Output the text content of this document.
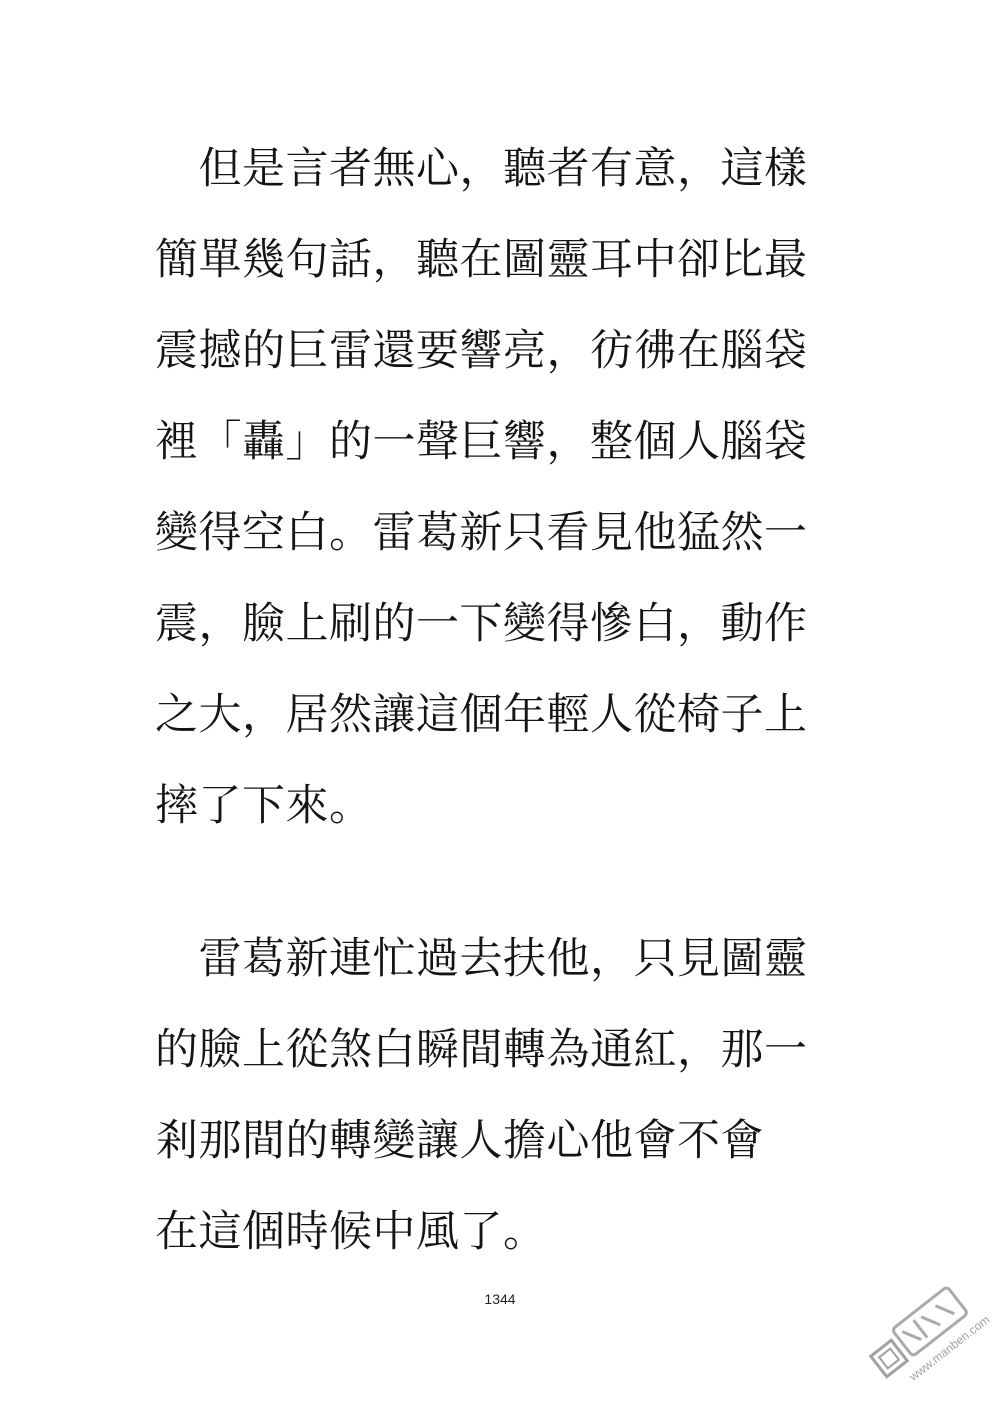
　但是言者無心，聽者有意，這樣
簡單幾句話，聽在圖靈耳中卻比最
震撼的巨雷還要響亮，彷彿在腦袋
裡「轟」的一聲巨響，整個人腦袋
變得空白。雷葛新只看見他猛然一
震，臉上刷的一下變得慘白，動作
之大，居然讓這個年輕人從椅子上
摔了下來。
　雷葛新連忙過去扶他，只見圖靈
的臉上從煞白瞬間轉為通紅，那一
剎那間的轉變讓人擔心他會不會
在這個時候中風了。
1344
www.manben.com
